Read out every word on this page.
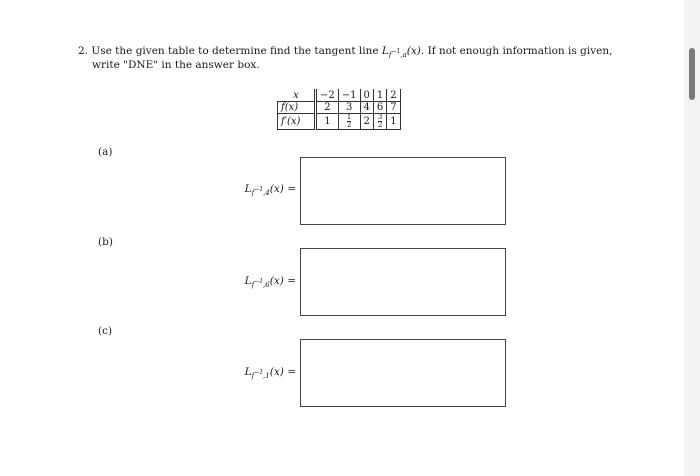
2. Use the given table to determine find the tangent line $L_{f-1,a}(x)$. If not enough information is given,
write "DNE" in the answer box.
x	−2	−1	0	1	2
f(x)	2	3	4	6	7
f′(x)	1	$\frac{1}{2}$	2	$\frac{3}{2}$	1
(a)
$L_{f-1,4}(x)$ =
(b)
$L_{f-1,6}(x)$ =
(c)
$L_{f-1,1}(x)$ =
